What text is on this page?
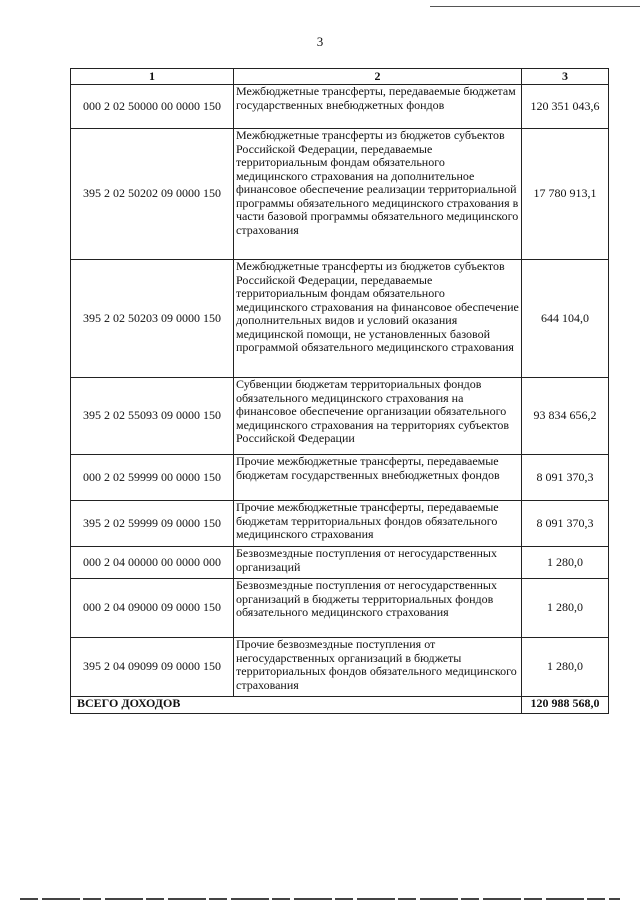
3
1	2	3
000 2 02 50000 00 0000 150	Межбюджетные трансферты, передаваемые бюджетам государственных внебюджетных фондов	120 351 043,6
395 2 02 50202 09 0000 150	Межбюджетные трансферты из бюджетов субъектов Российской Федерации, передаваемые территориальным фондам обязательного медицинского страхования на дополнительное финансовое обеспечение реализации территориальной программы обязательного медицинского страхования в части базовой программы обязательного медицинского страхования	17 780 913,1
395 2 02 50203 09 0000 150	Межбюджетные трансферты из бюджетов субъектов Российской Федерации, передаваемые территориальным фондам обязательного медицинского страхования на финансовое обеспечение дополнительных видов и условий оказания медицинской помощи, не установленных базовой программой обязательного медицинского страхования	644 104,0
395 2 02 55093 09 0000 150	Субвенции бюджетам территориальных фондов обязательного медицинского страхования на финансовое обеспечение организации обязательного медицинского страхования на территориях субъектов Российской Федерации	93 834 656,2
000 2 02 59999 00 0000 150	Прочие межбюджетные трансферты, передаваемые бюджетам государственных внебюджетных фондов	8 091 370,3
395 2 02 59999 09 0000 150	Прочие межбюджетные трансферты, передаваемые бюджетам территориальных фондов обязательного медицинского страхования	8 091 370,3
000 2 04 00000 00 0000 000	Безвозмездные поступления от негосударственных организаций	1 280,0
000 2 04 09000 09 0000 150	Безвозмездные поступления от негосударственных организаций в бюджеты территориальных фондов обязательного медицинского страхования	1 280,0
395 2 04 09099 09 0000 150	Прочие безвозмездные поступления от негосударственных организаций в бюджеты территориальных фондов обязательного медицинского страхования	1 280,0
ВСЕГО ДОХОДОВ		120 988 568,0
